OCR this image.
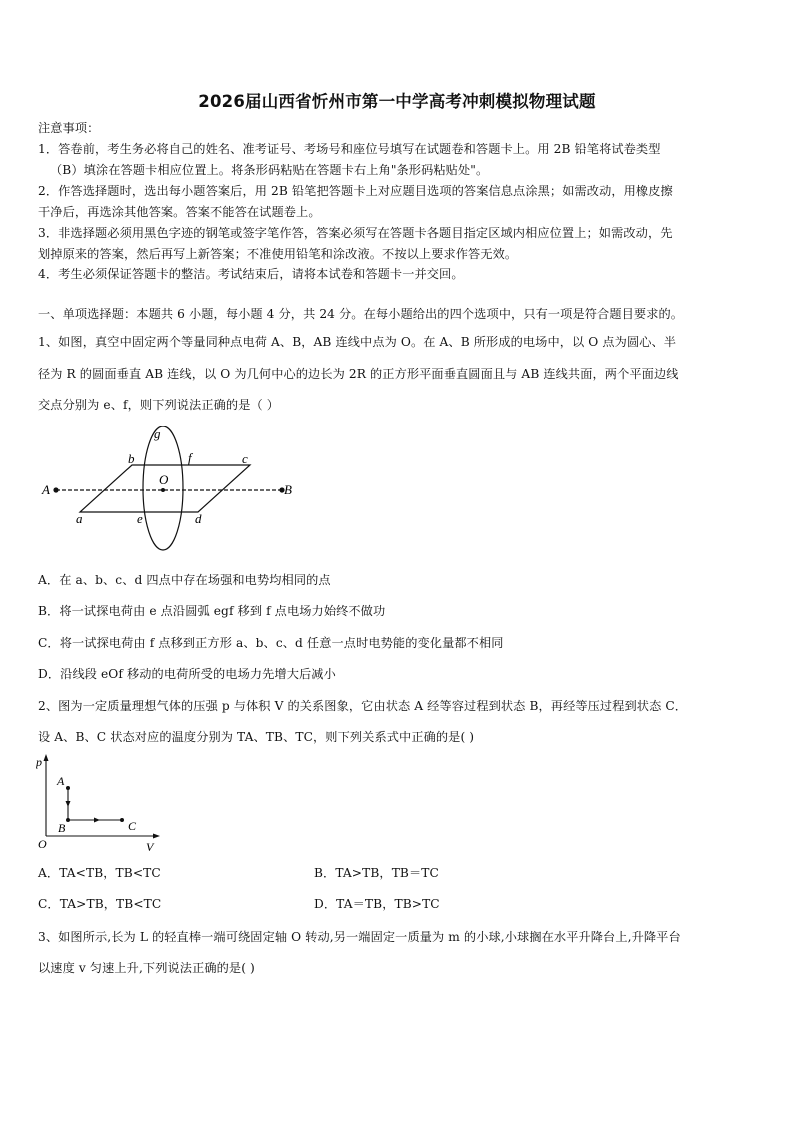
2026届山西省忻州市第一中学高考冲刺模拟物理试题
注意事项：
1．答卷前，考生务必将自己的姓名、准考证号、考场号和座位号填写在试题卷和答题卡上。用 2B 铅笔将试卷类型
（B）填涂在答题卡相应位置上。将条形码粘贴在答题卡右上角"条形码粘贴处"。
2．作答选择题时，选出每小题答案后，用 2B 铅笔把答题卡上对应题目选项的答案信息点涂黑；如需改动，用橡皮擦
干净后，再选涂其他答案。答案不能答在试题卷上。
3．非选择题必须用黑色字迹的钢笔或签字笔作答，答案必须写在答题卡各题目指定区域内相应位置上；如需改动，先
划掉原来的答案，然后再写上新答案；不准使用铅笔和涂改液。不按以上要求作答无效。
4．考生必须保证答题卡的整洁。考试结束后，请将本试卷和答题卡一并交回。
一、单项选择题：本题共 6 小题，每小题 4 分，共 24 分。在每小题给出的四个选项中，只有一项是符合题目要求的。
1、如图，真空中固定两个等量同种点电荷 A、B，AB 连线中点为 O。在 A、B 所形成的电场中，以 O 点为圆心、半
径为 R 的圆面垂直 AB 连线，以 O 为几何中心的边长为 2R 的正方形平面垂直圆面且与 AB 连线共面，两个平面边线
交点分别为 e、f，则下列说法正确的是（ ）
A	B
O
b	c
a	d
e
f
g
A．在 a、b、c、d 四点中存在场强和电势均相同的点
B．将一试探电荷由 e 点沿圆弧 egf 移到 f 点电场力始终不做功
C．将一试探电荷由 f 点移到正方形 a、b、c、d 任意一点时电势能的变化量都不相同
D．沿线段 eOf 移动的电荷所受的电场力先增大后减小
2、图为一定质量理想气体的压强 p 与体积 V 的关系图象，它由状态 A 经等容过程到状态 B，再经等压过程到状态 C．
设 A、B、C 状态对应的温度分别为 TA、TB、TC，则下列关系式中正确的是( )
p
V
O
A
B	C
A．TA<TB，TB<TC	B．TA>TB，TB＝TC
C．TA>TB，TB<TC	D．TA＝TB，TB>TC
3、如图所示,长为 L 的轻直棒一端可绕固定轴 O 转动,另一端固定一质量为 m 的小球,小球搁在水平升降台上,升降平台
以速度 v 匀速上升,下列说法正确的是( )
